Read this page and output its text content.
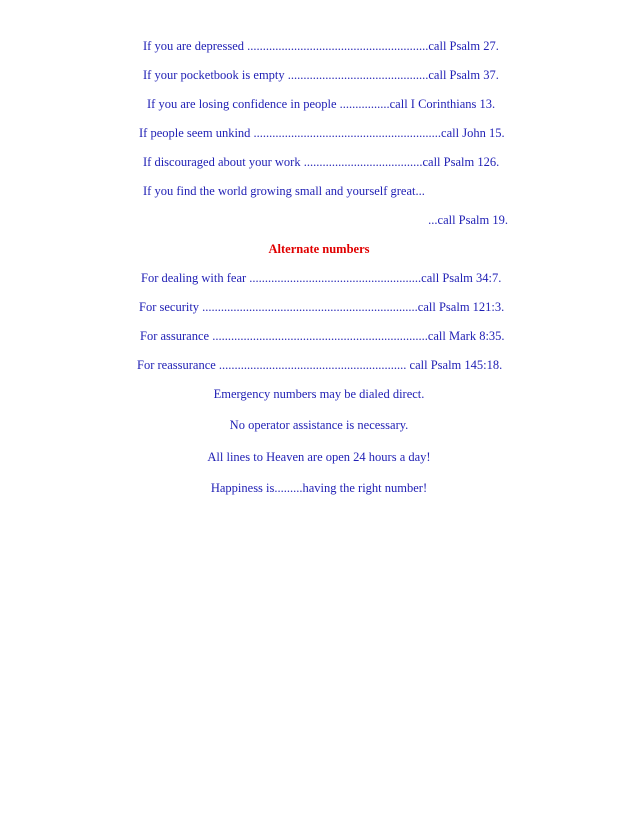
If you are depressed ..........................................................call Psalm 27.
If your pocketbook is empty .............................................call Psalm 37.
If you are losing confidence in people ................call I Corinthians 13.
If people seem unkind ............................................................call John 15.
If discouraged about your work ......................................call Psalm 126.
If you find the world growing small and yourself great...
...call Psalm 19.
Alternate numbers
For dealing with fear .......................................................call Psalm 34:7.
For security .....................................................................call Psalm 121:3.
For assurance .....................................................................call Mark 8:35.
For reassurance ............................................................ call Psalm 145:18.
Emergency numbers may be dialed direct.
No operator assistance is necessary.
All lines to Heaven are open 24 hours a day!
Happiness is.........having the right number!
